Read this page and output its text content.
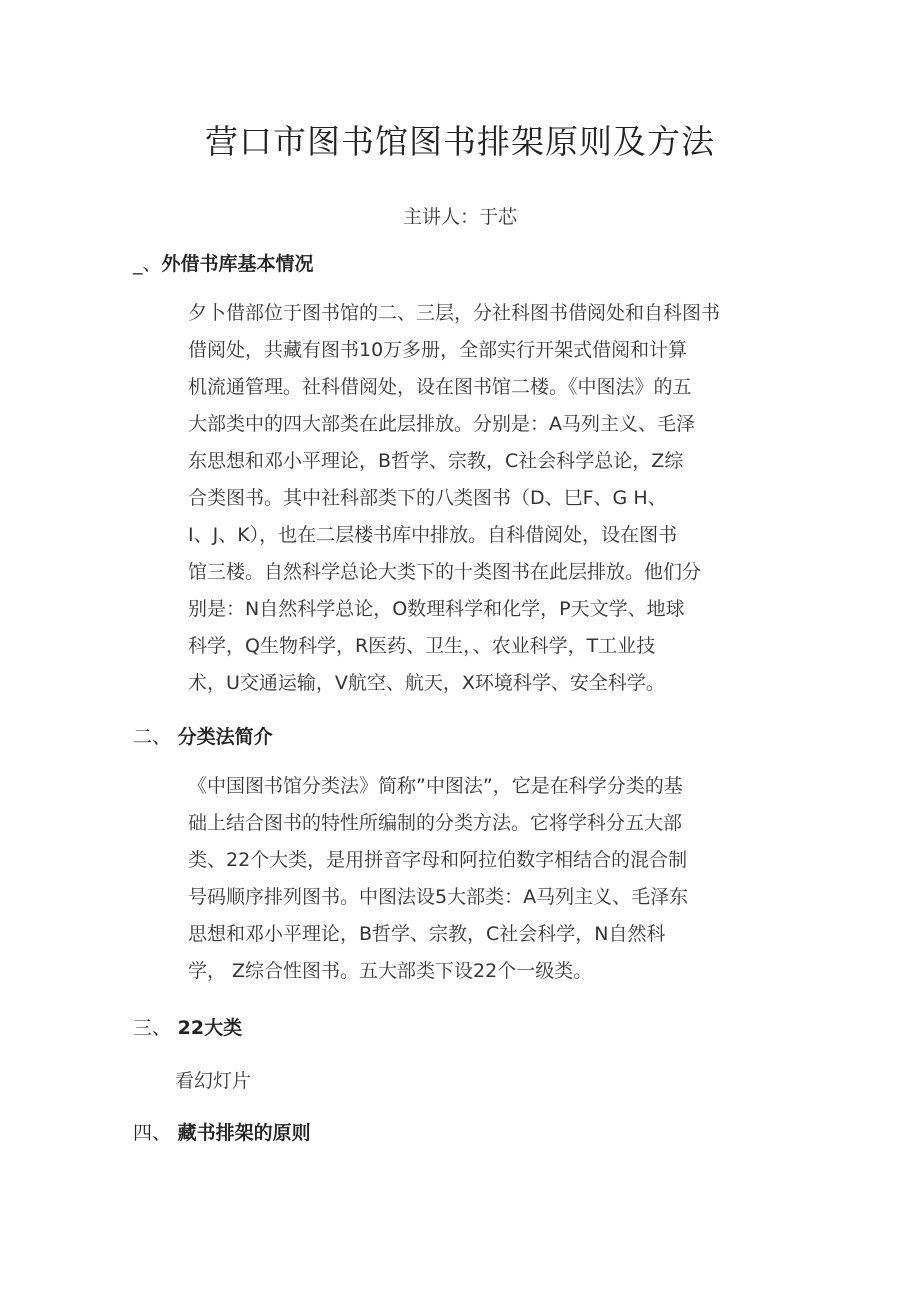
营口市图书馆图书排架原则及方法
主讲人：于芯
_、外借书库基本情况
夕卜借部位于图书馆的二、三层，分社科图书借阅处和自科图书
借阅处，共藏有图书10万多册，全部实行开架式借阅和计算
机流通管理。社科借阅处，设在图书馆二楼。《中图法》的五
大部类中的四大部类在此层排放。分别是：A马列主义、毛泽
东思想和邓小平理论，B哲学、宗教，C社会科学总论，Z综
合类图书。其中社科部类下的八类图书（D、巳F、G H、
I、J、K），也在二层楼书库中排放。自科借阅处，设在图书
馆三楼。自然科学总论大类下的十类图书在此层排放。他们分
别是：N自然科学总论，O数理科学和化学，P天文学、地球
科学，Q生物科学，R医药、卫生，、农业科学，T工业技
术，U交通运输，V航空、航天，X环境科学、安全科学。
二、 分类法简介
《中国图书馆分类法》简称”中图法”，它是在科学分类的基
础上结合图书的特性所编制的分类方法。它将学科分五大部
类、22个大类，是用拼音字母和阿拉伯数字相结合的混合制
号码顺序排列图书。中图法设5大部类：A马列主义、毛泽东
思想和邓小平理论，B哲学、宗教，C社会科学，N自然科
学， Z综合性图书。五大部类下设22个一级类。
三、 22大类
看幻灯片
四、 藏书排架的原则
